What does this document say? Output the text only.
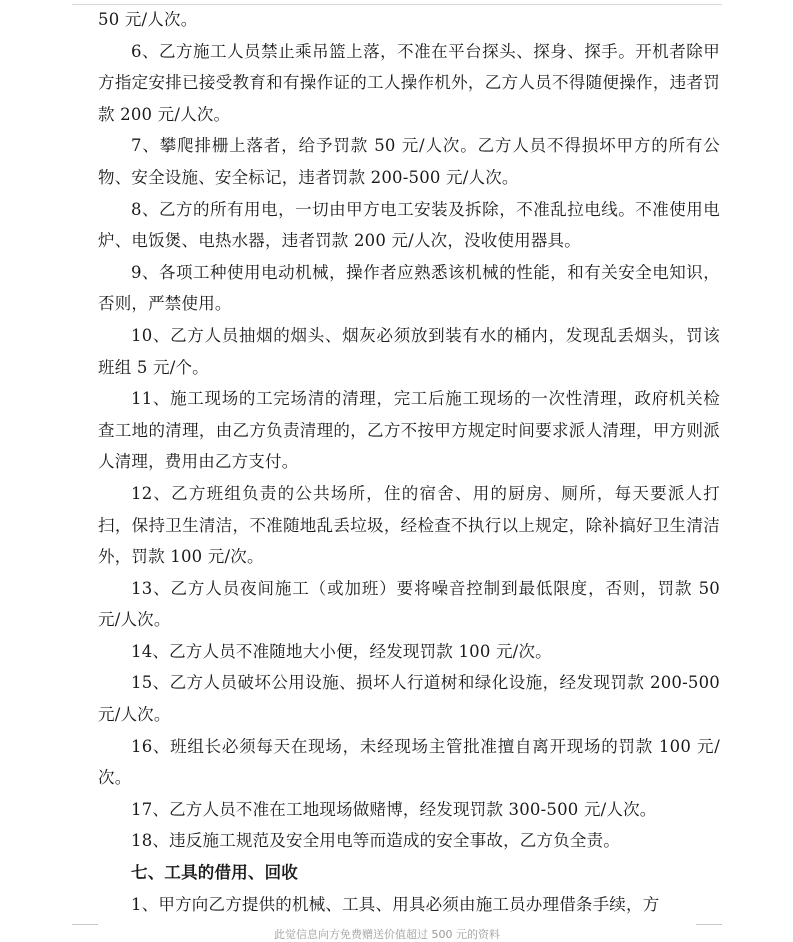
50 元/人次。

6、乙方施工人员禁止乘吊篮上落，不准在平台探头、探身、探手。开机者除甲方指定安排已接受教育和有操作证的工人操作机外，乙方人员不得随便操作，违者罚款 200 元/人次。

7、攀爬排栅上落者，给予罚款 50 元/人次。乙方人员不得损坏甲方的所有公物、安全设施、安全标记，违者罚款 200-500 元/人次。

8、乙方的所有用电，一切由甲方电工安装及拆除，不准乱拉电线。不准使用电炉、电饭煲、电热水器，违者罚款 200 元/人次，没收使用器具。

9、各项工种使用电动机械，操作者应熟悉该机械的性能，和有关安全电知识，否则，严禁使用。

10、乙方人员抽烟的烟头、烟灰必须放到装有水的桶内，发现乱丢烟头，罚该班组 5 元/个。

11、施工现场的工完场清的清理，完工后施工现场的一次性清理，政府机关检查工地的清理，由乙方负责清理的，乙方不按甲方规定时间要求派人清理，甲方则派人清理，费用由乙方支付。

12、乙方班组负责的公共场所，住的宿舍、用的厨房、厕所，每天要派人打扫，保持卫生清洁，不准随地乱丢垃圾，经检查不执行以上规定，除补搞好卫生清洁外，罚款 100 元/次。

13、乙方人员夜间施工（或加班）要将噪音控制到最低限度，否则，罚款 50 元/人次。

14、乙方人员不准随地大小便，经发现罚款 100 元/次。

15、乙方人员破坏公用设施、损坏人行道树和绿化设施，经发现罚款 200-500 元/人次。

16、班组长必须每天在现场，未经现场主管批准擅自离开现场的罚款 100 元/次。

17、乙方人员不准在工地现场做赌博，经发现罚款 300-500 元/人次。

18、违反施工规范及安全用电等而造成的安全事故，乙方负全责。

七、工具的借用、回收

1、甲方向乙方提供的机械、工具、用具必须由施工员办理借条手续，方

此觉信息向方免费赠送价值超过 500 元的资料
